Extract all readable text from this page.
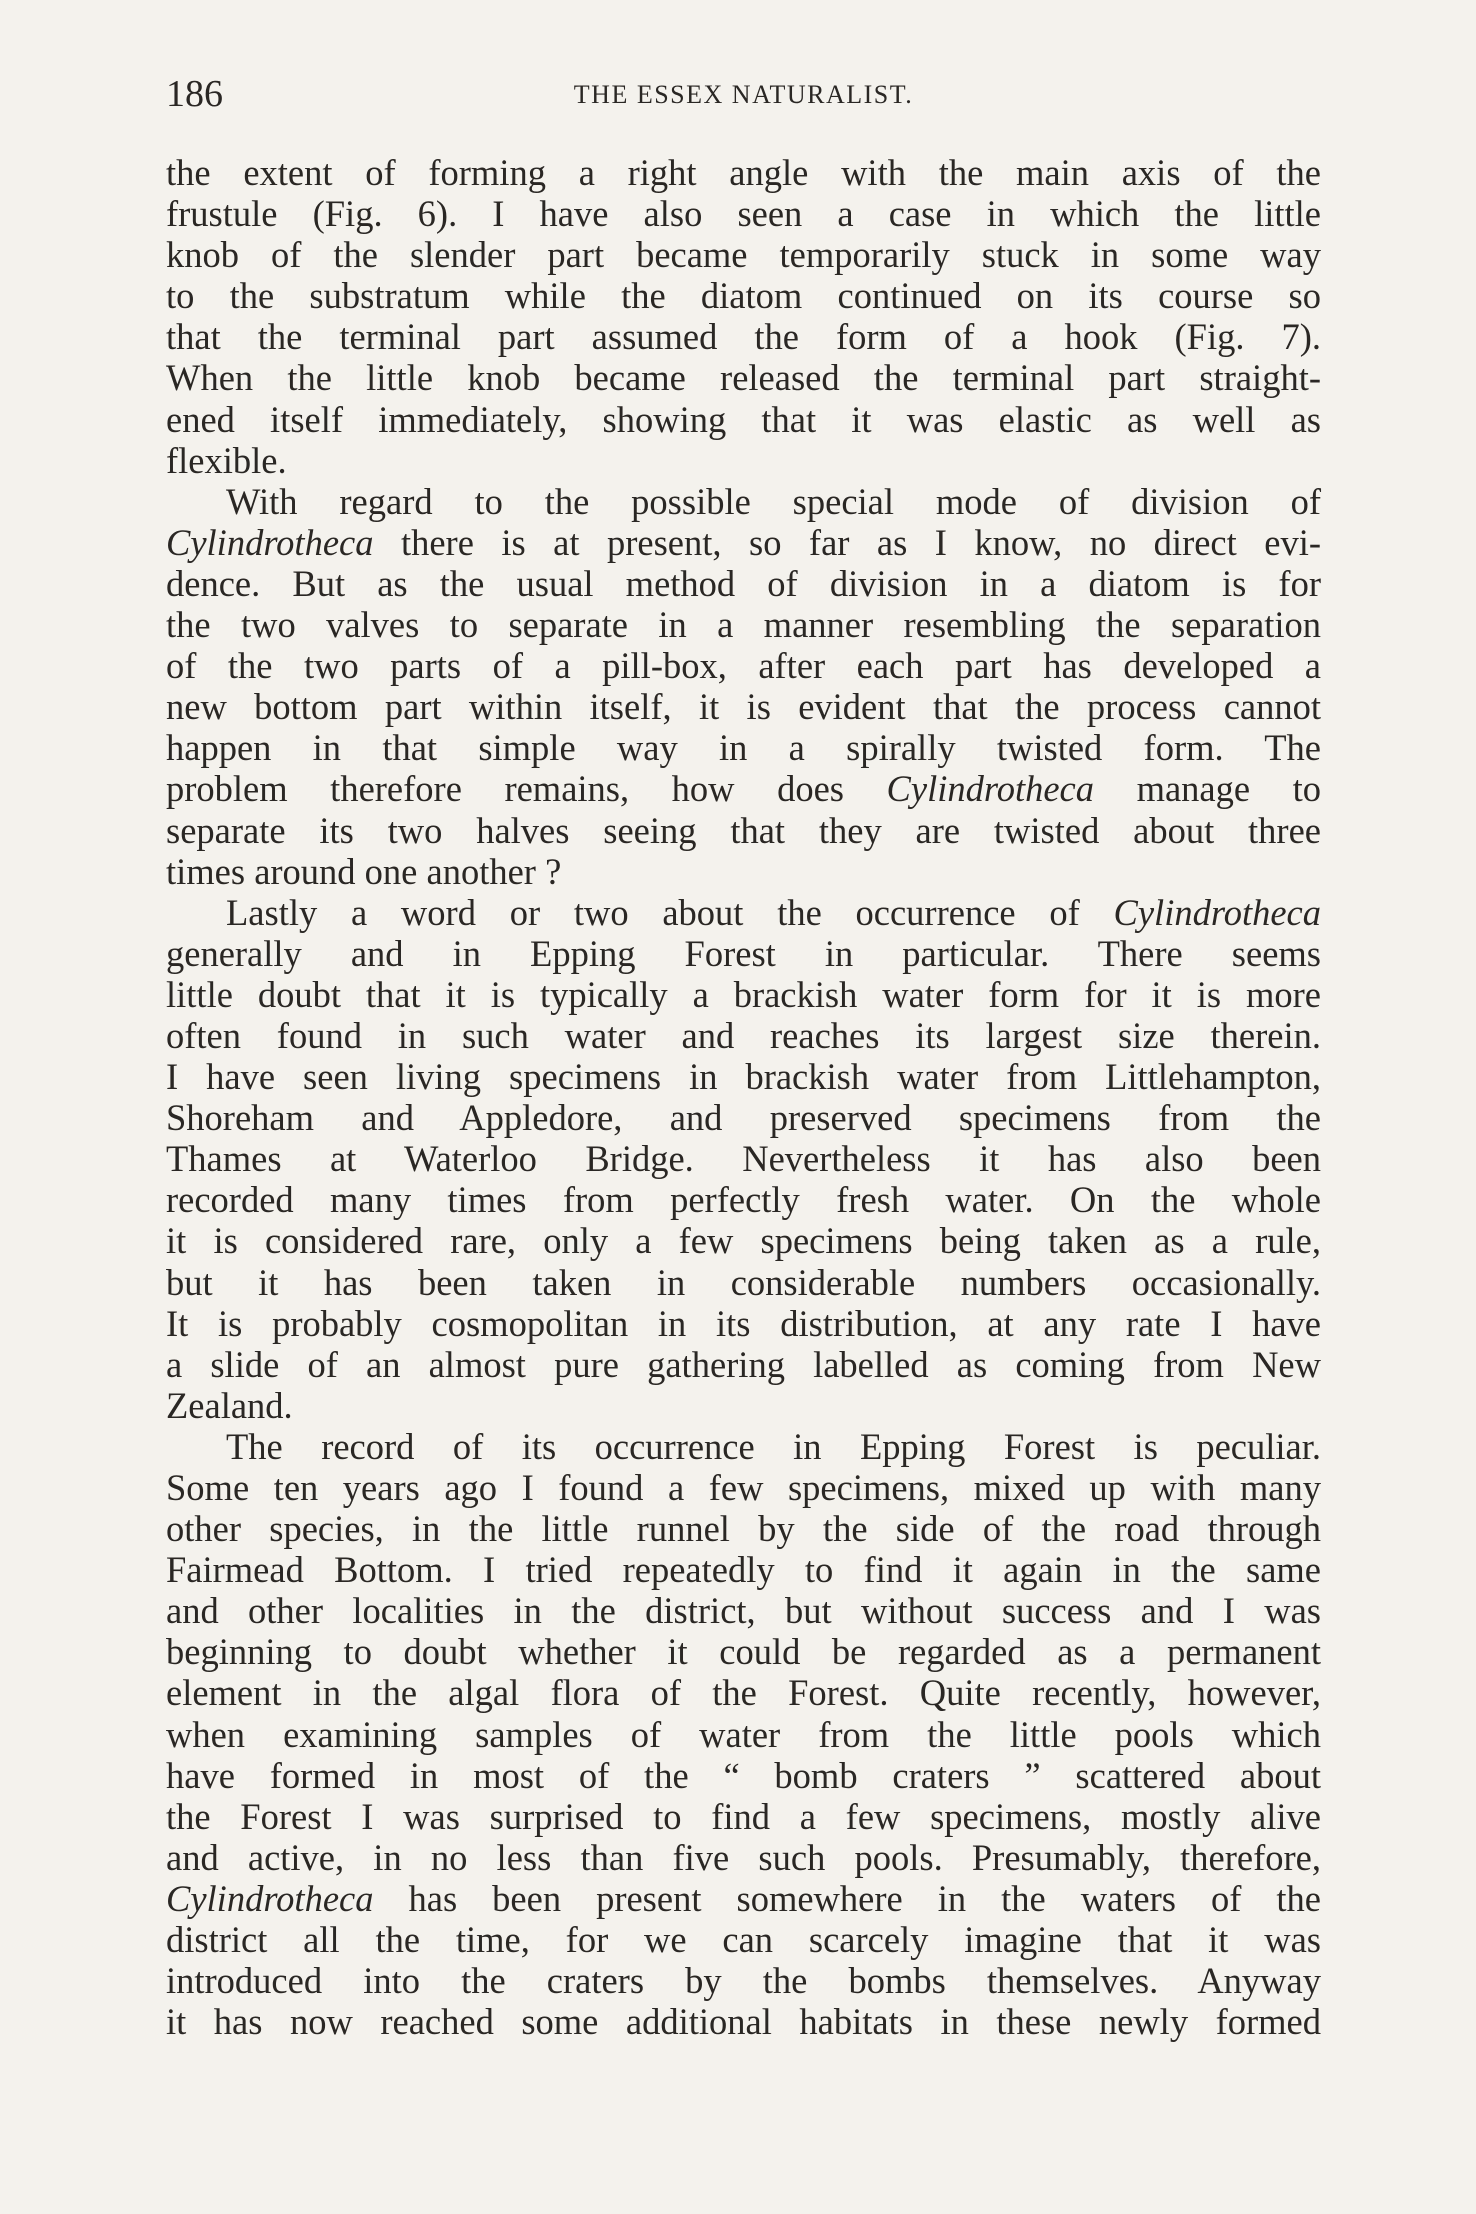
186	THE ESSEX NATURALIST.
the extent of forming a right angle with the main axis of the
frustule (Fig. 6). I have also seen a case in which the little
knob of the slender part became temporarily stuck in some way
to the substratum while the diatom continued on its course so
that the terminal part assumed the form of a hook (Fig. 7).
When the little knob became released the terminal part straight-
ened itself immediately, showing that it was elastic as well as
flexible.
With regard to the possible special mode of division of
Cylindrotheca there is at present, so far as I know, no direct evi-
dence. But as the usual method of division in a diatom is for
the two valves to separate in a manner resembling the separation
of the two parts of a pill-box, after each part has developed a
new bottom part within itself, it is evident that the process cannot
happen in that simple way in a spirally twisted form. The
problem therefore remains, how does Cylindrotheca manage to
separate its two halves seeing that they are twisted about three
times around one another ?
Lastly a word or two about the occurrence of Cylindrotheca
generally and in Epping Forest in particular. There seems
little doubt that it is typically a brackish water form for it is more
often found in such water and reaches its largest size therein.
I have seen living specimens in brackish water from Littlehampton,
Shoreham and Appledore, and preserved specimens from the
Thames at Waterloo Bridge. Nevertheless it has also been
recorded many times from perfectly fresh water. On the whole
it is considered rare, only a few specimens being taken as a rule,
but it has been taken in considerable numbers occasionally.
It is probably cosmopolitan in its distribution, at any rate I have
a slide of an almost pure gathering labelled as coming from New
Zealand.
The record of its occurrence in Epping Forest is peculiar.
Some ten years ago I found a few specimens, mixed up with many
other species, in the little runnel by the side of the road through
Fairmead Bottom. I tried repeatedly to find it again in the same
and other localities in the district, but without success and I was
beginning to doubt whether it could be regarded as a permanent
element in the algal flora of the Forest. Quite recently, however,
when examining samples of water from the little pools which
have formed in most of the “ bomb craters ” scattered about
the Forest I was surprised to find a few specimens, mostly alive
and active, in no less than five such pools. Presumably, therefore,
Cylindrotheca has been present somewhere in the waters of the
district all the time, for we can scarcely imagine that it was
introduced into the craters by the bombs themselves. Anyway
it has now reached some additional habitats in these newly formed
